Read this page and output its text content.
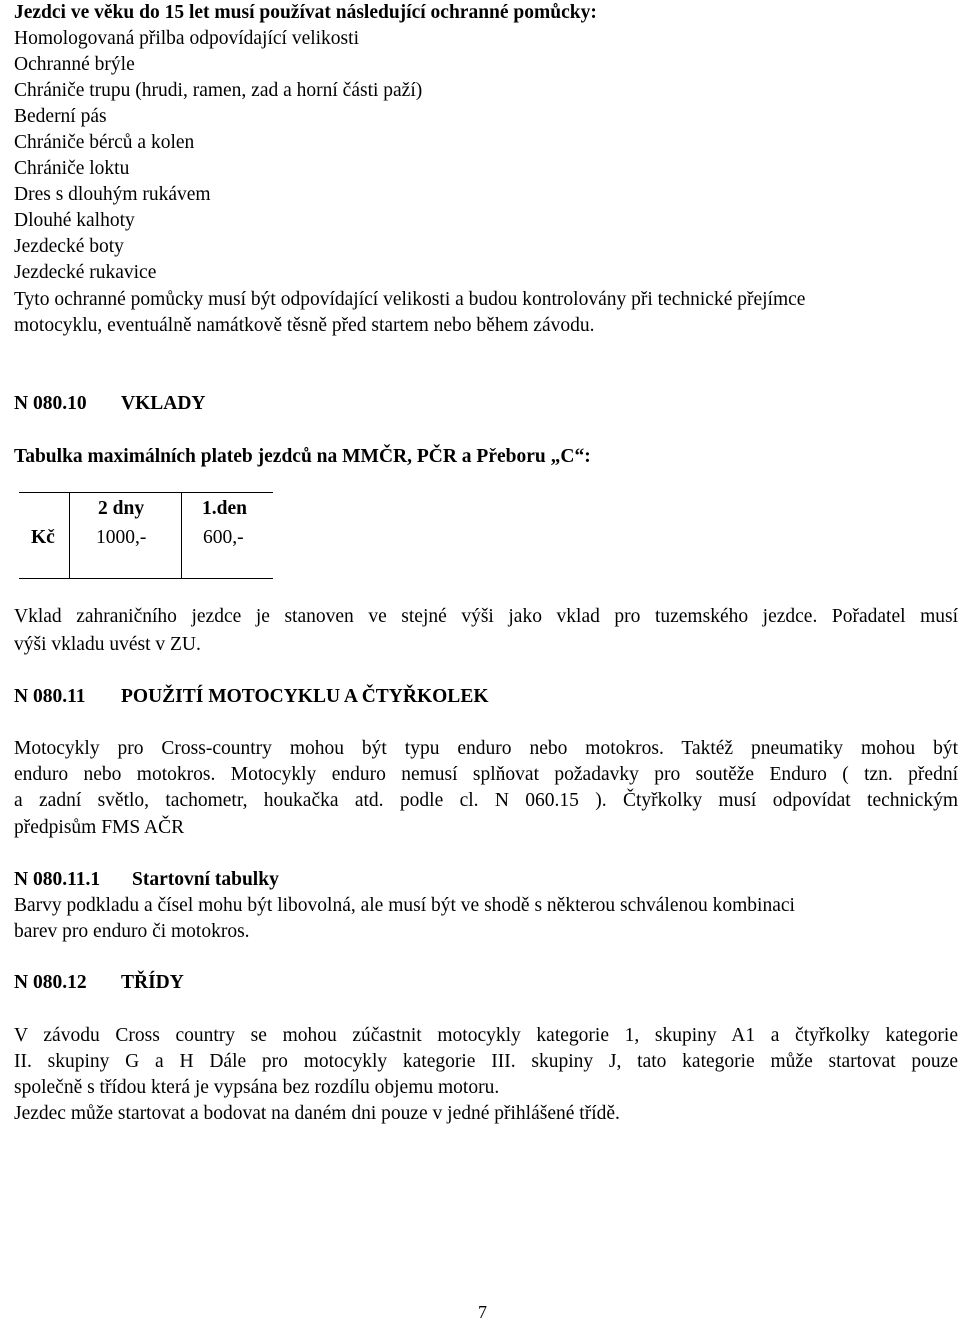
Jezdci ve věku do 15 let musí používat následující ochranné pomůcky:
Homologovaná přilba odpovídající velikosti
Ochranné brýle
Chrániče trupu (hrudi, ramen, zad a horní části paží)
Bederní pás
Chrániče bérců a kolen
Chrániče loktu
Dres s dlouhým rukávem
Dlouhé kalhoty
Jezdecké boty
Jezdecké rukavice
Tyto ochranné pomůcky musí být odpovídající velikosti a budou kontrolovány při technické přejímce
motocyklu, eventuálně namátkově těsně před startem nebo během závodu.
N 080.10 VKLADY
Tabulka maximálních plateb jezdců na MMČR, PČR a Přeboru „C“:
2 dny	1.den
Kč 1000,-	600,-
Vklad zahraničního jezdce je stanoven ve stejné výši jako vklad pro tuzemského jezdce. Pořadatel musí
výši vkladu uvést v ZU.
N 080.11 POUŽITÍ MOTOCYKLU A ČTYŘKOLEK
Motocykly pro Cross-country mohou být typu enduro nebo motokros. Taktéž pneumatiky mohou být
enduro nebo motokros. Motocykly enduro nemusí splňovat požadavky pro soutěže Enduro ( tzn. přední
a zadní světlo, tachometr, houkačka atd. podle cl. N 060.15 ). Čtyřkolky musí odpovídat technickým
předpisům FMS AČR
N 080.11.1 Startovní tabulky
Barvy podkladu a čísel mohu být libovolná, ale musí být ve shodě s některou schválenou kombinaci
barev pro enduro či motokros.
N 080.12 TŘÍDY
V závodu Cross country se mohou zúčastnit motocykly kategorie 1, skupiny A1 a čtyřkolky kategorie
II. skupiny G a H Dále pro motocykly kategorie III. skupiny J, tato kategorie může startovat pouze
společně s třídou která je vypsána bez rozdílu objemu motoru.
Jezdec může startovat a bodovat na daném dni pouze v jedné přihlášené třídě.
7
